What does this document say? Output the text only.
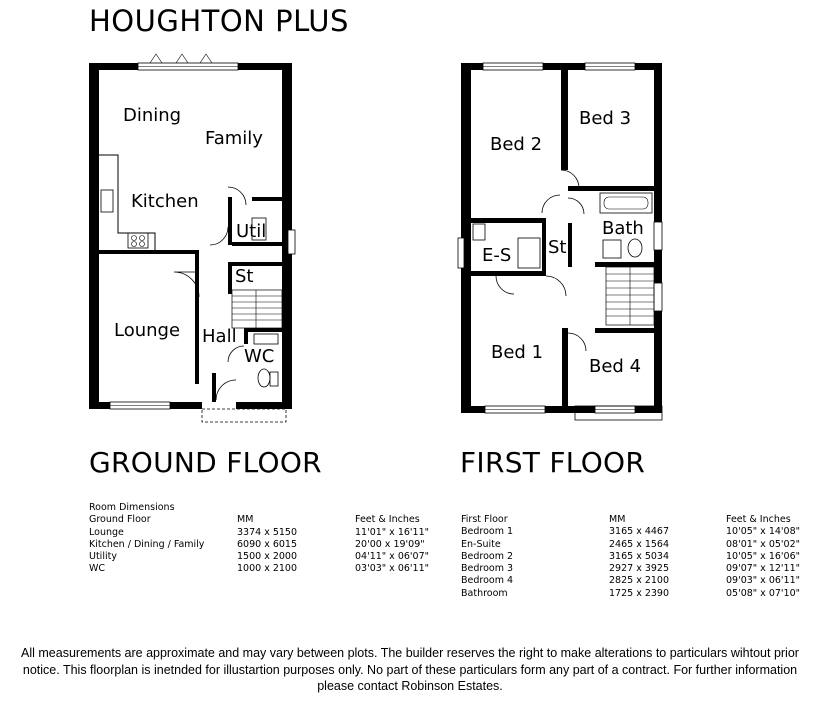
HOUGHTON PLUS
Dining
Family
Kitchen
Util
St
Lounge Hall
WC
Bed 2
Bed 3
Bath
E-S St
Bed 1
Bed 4
GROUND FLOOR	FIRST FLOOR
Room Dimensions
Ground Floor	MM	Feet & Inches
Lounge	3374 x 5150	11'01" x 16'11"
Kitchen / Dining / Family	6090 x 6015	20'00 x 19'09"
Utility	1500 x 2000	04'11" x 06'07"
WC	1000 x 2100	03'03" x 06'11"
First Floor	MM	Feet & Inches
Bedroom 1	3165 x 4467	10'05" x 14'08"
En-Suite	2465 x 1564	08'01" x 05'02"
Bedroom 2	3165 x 5034	10'05" x 16'06"
Bedroom 3	2927 x 3925	09'07" x 12'11"
Bedroom 4	2825 x 2100	09'03" x 06'11"
Bathroom	1725 x 2390	05'08" x 07'10"

All measurements are approximate and may vary between plots. The builder reserves the right to make alterations to particulars wihtout prior notice. This floorplan is inetnded for illustartion purposes only. No part of these particulars form any part of a contract. For further information please contact Robinson Estates.
